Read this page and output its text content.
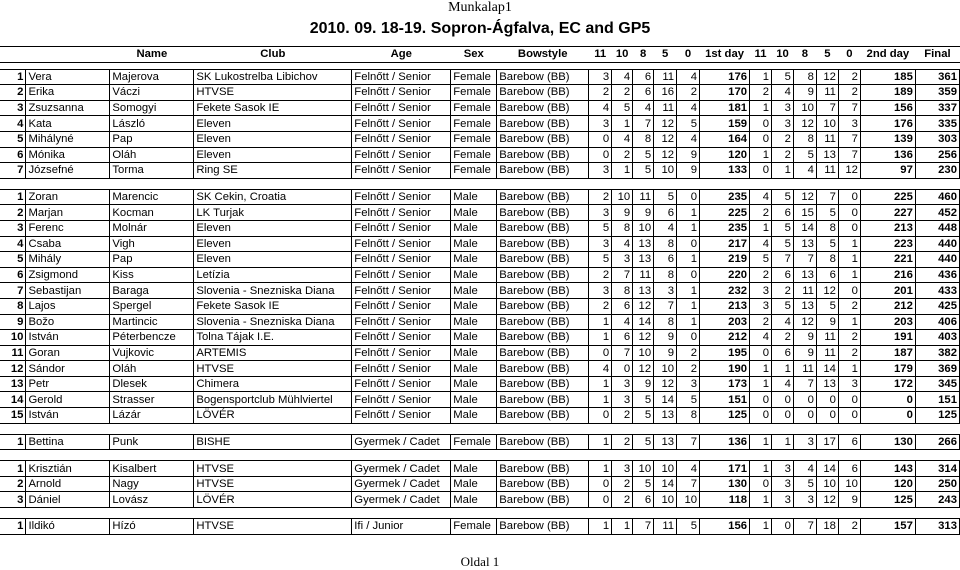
Munkalap1
2010. 09. 18-19. Sopron-Ágfalva, EC and GP5
		Name	Club	Age	Sex	Bowstyle	11	10	8	5	0	1st day	11	10	8	5	0	2nd day	Final

1	Vera	Majerova	SK Lukostrelba Libichov	Felnőtt / Senior	Female	Barebow (BB)	3	4	6	11	4	176	1	5	8	12	2	185	361
2	Erika	Váczi	HTVSE	Felnőtt / Senior	Female	Barebow (BB)	2	2	6	16	2	170	2	4	9	11	2	189	359
3	Zsuzsanna	Somogyi	Fekete Sasok IE	Felnőtt / Senior	Female	Barebow (BB)	4	5	4	11	4	181	1	3	10	7	7	156	337
4	Kata	László	Eleven	Felnőtt / Senior	Female	Barebow (BB)	3	1	7	12	5	159	0	3	12	10	3	176	335
5	Mihályné	Pap	Eleven	Felnőtt / Senior	Female	Barebow (BB)	0	4	8	12	4	164	0	2	8	11	7	139	303
6	Mónika	Oláh	Eleven	Felnőtt / Senior	Female	Barebow (BB)	0	2	5	12	9	120	1	2	5	13	7	136	256
7	Józsefné	Torma	Ring SE	Felnőtt / Senior	Female	Barebow (BB)	3	1	5	10	9	133	0	1	4	11	12	97	230

1	Zoran	Marencic	SK Cekin, Croatia	Felnőtt / Senior	Male	Barebow (BB)	2	10	11	5	0	235	4	5	12	7	0	225	460
2	Marjan	Kocman	LK Turjak	Felnőtt / Senior	Male	Barebow (BB)	3	9	9	6	1	225	2	6	15	5	0	227	452
3	Ferenc	Molnár	Eleven	Felnőtt / Senior	Male	Barebow (BB)	5	8	10	4	1	235	1	5	14	8	0	213	448
4	Csaba	Vigh	Eleven	Felnőtt / Senior	Male	Barebow (BB)	3	4	13	8	0	217	4	5	13	5	1	223	440
5	Mihály	Pap	Eleven	Felnőtt / Senior	Male	Barebow (BB)	5	3	13	6	1	219	5	7	7	8	1	221	440
6	Zsigmond	Kiss	Letízia	Felnőtt / Senior	Male	Barebow (BB)	2	7	11	8	0	220	2	6	13	6	1	216	436
7	Sebastijan	Baraga	Slovenia - Snezniska Diana	Felnőtt / Senior	Male	Barebow (BB)	3	8	13	3	1	232	3	2	11	12	0	201	433
8	Lajos	Spergel	Fekete Sasok IE	Felnőtt / Senior	Male	Barebow (BB)	2	6	12	7	1	213	3	5	13	5	2	212	425
9	Božo	Martincic	Slovenia - Snezniska Diana	Felnőtt / Senior	Male	Barebow (BB)	1	4	14	8	1	203	2	4	12	9	1	203	406
10	István	Péterbencze	Tolna Tájak I.E.	Felnőtt / Senior	Male	Barebow (BB)	1	6	12	9	0	212	4	2	9	11	2	191	403
11	Goran	Vujkovic	ARTEMIS	Felnőtt / Senior	Male	Barebow (BB)	0	7	10	9	2	195	0	6	9	11	2	187	382
12	Sándor	Oláh	HTVSE	Felnőtt / Senior	Male	Barebow (BB)	4	0	12	10	2	190	1	1	11	14	1	179	369
13	Petr	Dlesek	Chimera	Felnőtt / Senior	Male	Barebow (BB)	1	3	9	12	3	173	1	4	7	13	3	172	345
14	Gerold	Strasser	Bogensportclub Mühlviertel	Felnőtt / Senior	Male	Barebow (BB)	1	3	5	14	5	151	0	0	0	0	0	0	151
15	István	Lázár	LÖVÉR	Felnőtt / Senior	Male	Barebow (BB)	0	2	5	13	8	125	0	0	0	0	0	0	125

1	Bettina	Punk	BISHE	Gyermek / Cadet	Female	Barebow (BB)	1	2	5	13	7	136	1	1	3	17	6	130	266

1	Krisztián	Kisalbert	HTVSE	Gyermek / Cadet	Male	Barebow (BB)	1	3	10	10	4	171	1	3	4	14	6	143	314
2	Arnold	Nagy	HTVSE	Gyermek / Cadet	Male	Barebow (BB)	0	2	5	14	7	130	0	3	5	10	10	120	250
3	Dániel	Lovász	LÖVÉR	Gyermek / Cadet	Male	Barebow (BB)	0	2	6	10	10	118	1	3	3	12	9	125	243

1	Ildikó	Hízó	HTVSE	Ifi / Junior	Female	Barebow (BB)	1	1	7	11	5	156	1	0	7	18	2	157	313
Oldal 1
